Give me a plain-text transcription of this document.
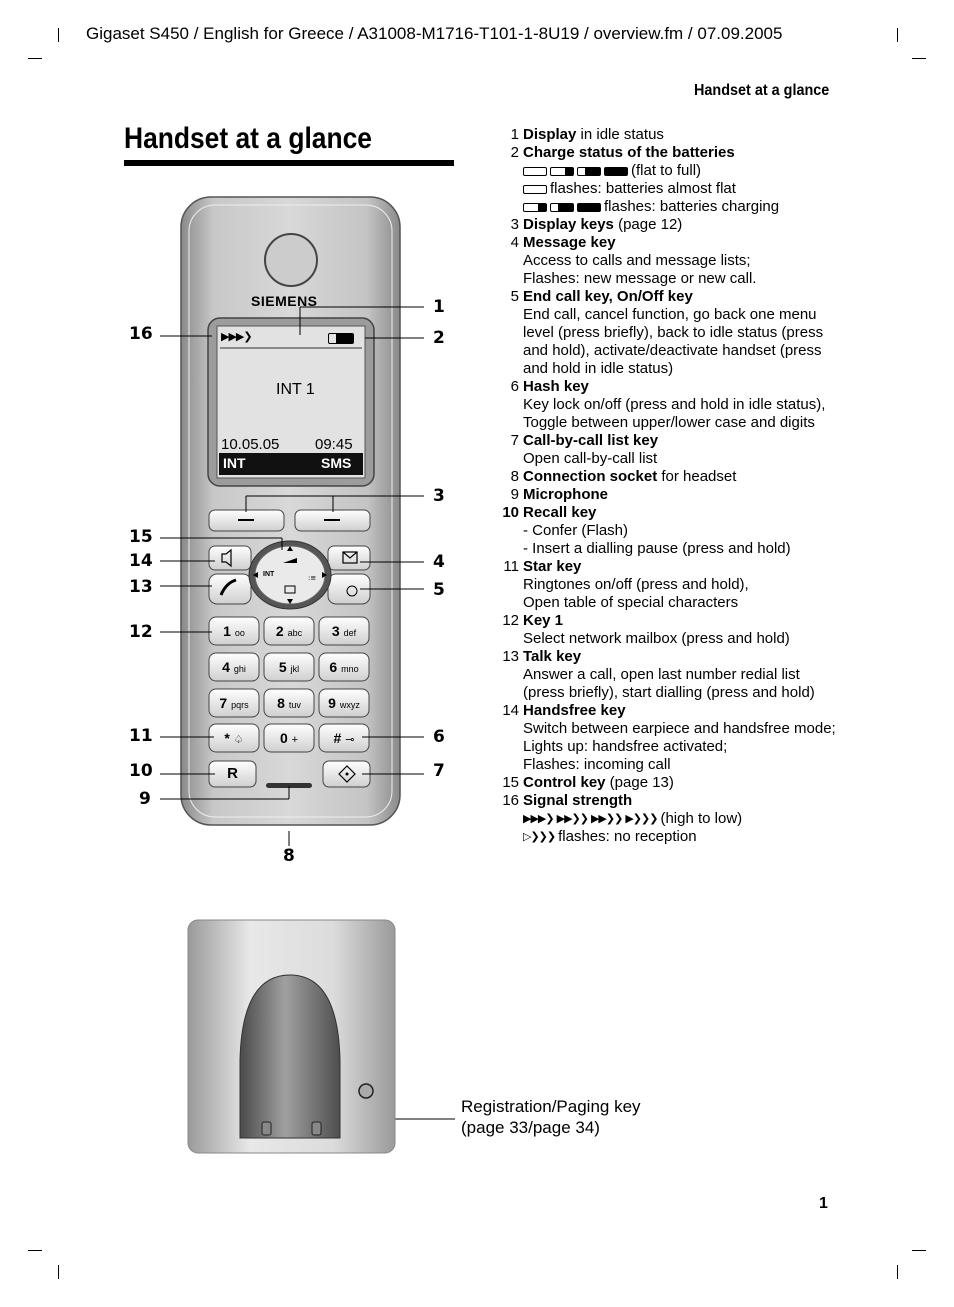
Gigaset S450 / English for Greece / A31008-M1716-T101-1-8U19 / overview.fm / 07.09.2005
Handset at a glance
Handset at a glance	1 Display in idle status
2 Charge status of the batteries
(flat to full)
flashes: batteries almost flat
flashes: batteries charging
3 Display keys (page 12)
4 Message key
Access to calls and message lists;
Flashes: new message or new call.
5 End call key, On/Off key
End call, cancel function, go back one menu level (press briefly), back to idle status (press and hold), activate/deactivate handset (press and hold in idle status)
6 Hash key
Key lock on/off (press and hold in idle status),
Toggle between upper/lower case and digits
7 Call-by-call list key
Open call-by-call list
8 Connection socket for headset
9 Microphone
10 Recall key
- Confer (Flash)
- Insert a dialling pause (press and hold)
11 Star key
Ringtones on/off (press and hold),
Open table of special characters
12 Key 1
Select network mailbox (press and hold)
13 Talk key
Answer a call, open last number redial list (press briefly), start dialling (press and hold)
14 Handsfree key
Switch between earpiece and handsfree mode;
Lights up: handsfree activated;
Flashes: incoming call
15 Control key (page 13)
16 Signal strength
▶▶▶❯ ▶▶❯❯ ▶▶❯❯ ▶❯❯❯ (high to low)
▷❯❯❯ flashes: no reception
:≡
SIEMENS
▶▶▶❯
INT 1
10.05.05 09:45
INT	SMS
INT
1 oo	2 abc	3 def
4 ghi	5 jkl	6 mno
7 pqrs	8 tuv	9 wxyz
* ♤	0 +	# ⊸
R
1
2
3
4
5
6
7
8
9
10
11
12
13
14
15
16
Registration/Paging key
(page 33/page 34)
1
